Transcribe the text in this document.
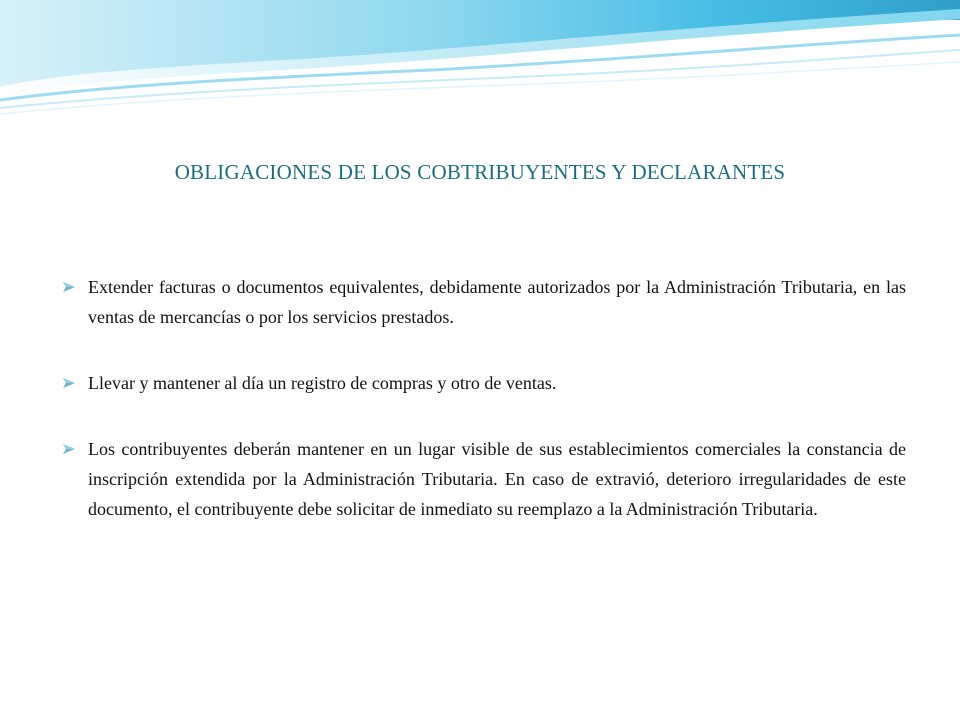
OBLIGACIONES DE LOS COBTRIBUYENTES Y DECLARANTES
Extender facturas o documentos equivalentes, debidamente autorizados por la Administración Tributaria, en las ventas de mercancías o por los servicios prestados.
Llevar y mantener al día un registro de compras y otro de ventas.
Los contribuyentes deberán mantener en un lugar visible de sus establecimientos comerciales la constancia de inscripción extendida por la Administración Tributaria. En caso de extravió, deterioro irregularidades de este documento, el contribuyente debe solicitar de inmediato su reemplazo a la Administración Tributaria.
